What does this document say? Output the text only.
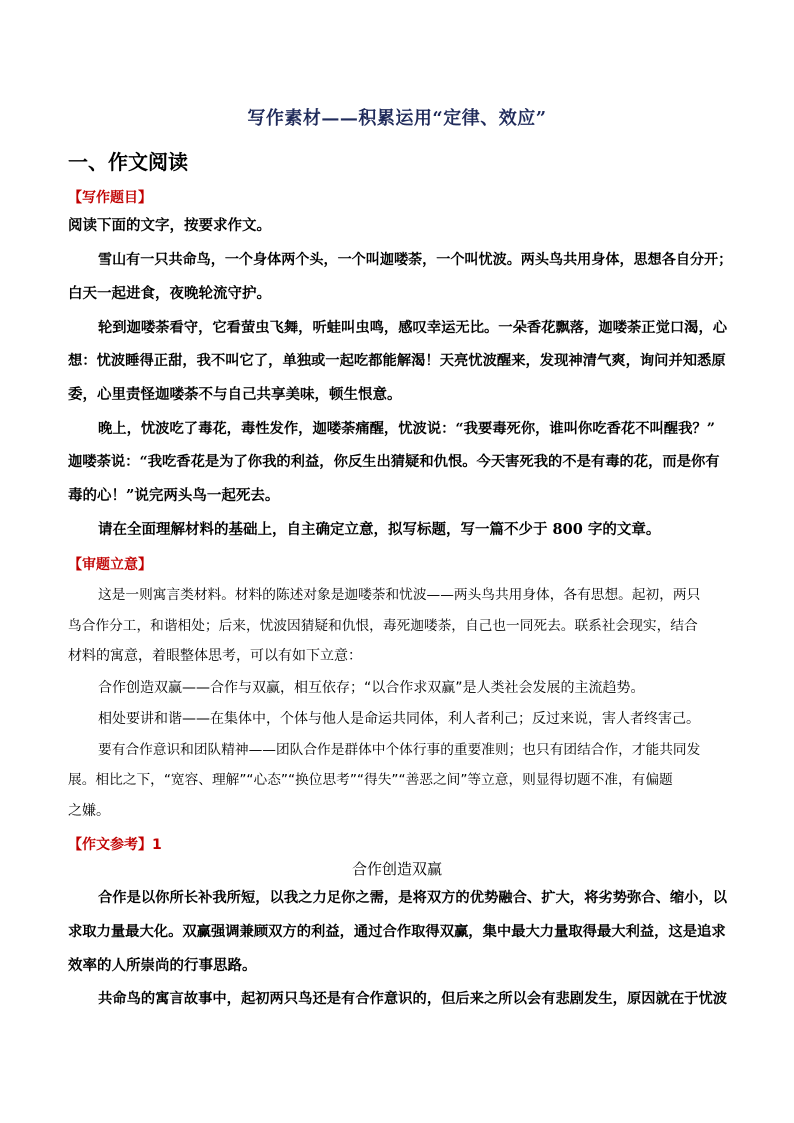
写作素材——积累运用“定律、效应”
一、作文阅读
【写作题目】
阅读下面的文字，按要求作文。
雪山有一只共命鸟，一个身体两个头，一个叫迦喽荼，一个叫忧波。两头鸟共用身体，思想各自分开；
白天一起进食，夜晚轮流守护。
轮到迦喽荼看守，它看萤虫飞舞，听蛙叫虫鸣，感叹幸运无比。一朵香花飘落，迦喽荼正觉口渴，心
想：忧波睡得正甜，我不叫它了，单独或一起吃都能解渴！天亮忧波醒来，发现神清气爽，询问并知悉原
委，心里责怪迦喽荼不与自己共享美味，顿生恨意。
晚上，忧波吃了毒花，毒性发作，迦喽荼痛醒，忧波说：“我要毒死你，谁叫你吃香花不叫醒我？”
迦喽荼说：“我吃香花是为了你我的利益，你反生出猜疑和仇恨。今天害死我的不是有毒的花，而是你有
毒的心！”说完两头鸟一起死去。
请在全面理解材料的基础上，自主确定立意，拟写标题，写一篇不少于 800 字的文章。
【审题立意】
这是一则寓言类材料。材料的陈述对象是迦喽荼和忧波——两头鸟共用身体，各有思想。起初，两只
鸟合作分工，和谐相处；后来，忧波因猜疑和仇恨，毒死迦喽荼，自己也一同死去。联系社会现实，结合
材料的寓意，着眼整体思考，可以有如下立意：
合作创造双赢——合作与双赢，相互依存；“以合作求双赢”是人类社会发展的主流趋势。
相处要讲和谐——在集体中，个体与他人是命运共同体，利人者利己；反过来说，害人者终害己。
要有合作意识和团队精神——团队合作是群体中个体行事的重要准则；也只有团结合作，才能共同发
展。相比之下，“宽容、理解”“心态”“换位思考”“得失”“善恶之间”等立意，则显得切题不准，有偏题
之嫌。
【作文参考】1
合作创造双赢
合作是以你所长补我所短，以我之力足你之需，是将双方的优势融合、扩大，将劣势弥合、缩小，以
求取力量最大化。双赢强调兼顾双方的利益，通过合作取得双赢，集中最大力量取得最大利益，这是追求
效率的人所崇尚的行事思路。
共命鸟的寓言故事中，起初两只鸟还是有合作意识的，但后来之所以会有悲剧发生，原因就在于忧波
